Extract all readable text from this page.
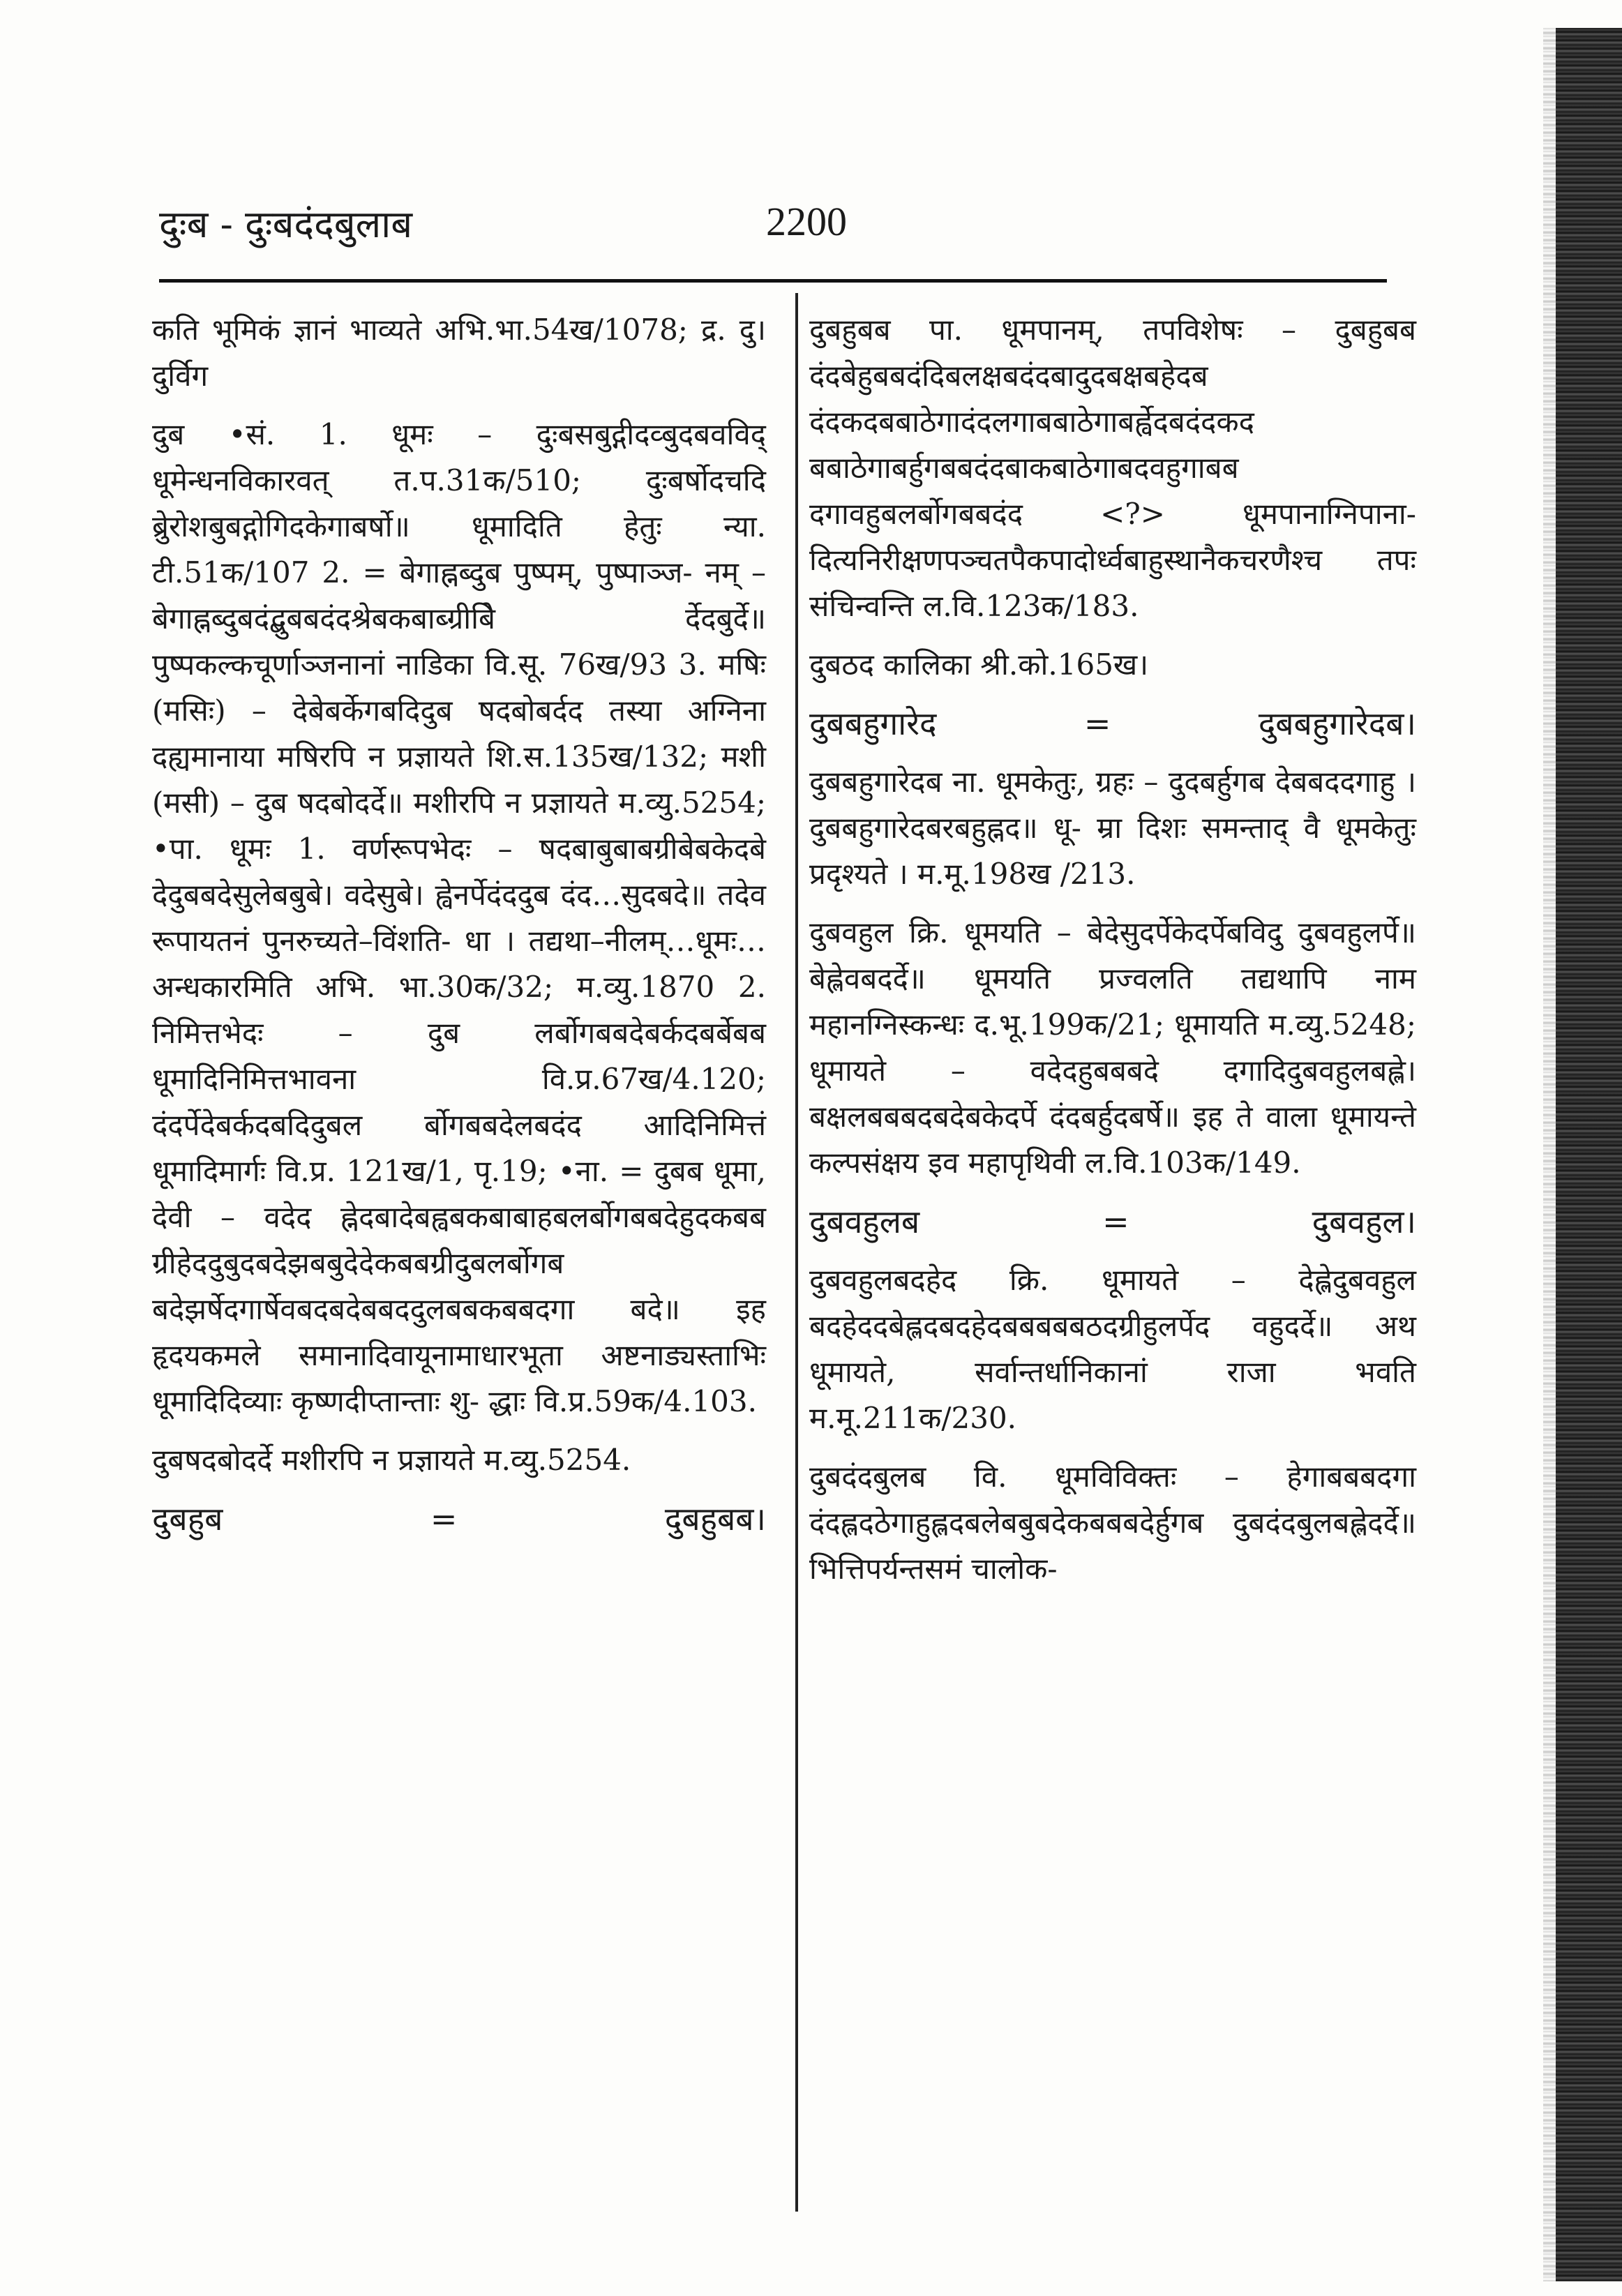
दुःब - दुःबदंदबुलाब	2200

कति भूमिकं ज्ञानं भाव्यते अभि.भा.54ख/1078; द्र. दु। दुर्विग

दुब •सं. 1. धूमः – दुःबसबुद्गीदव्बुदबवविद् धूमेन्धनविकारवत् त.प.31क/510; दुःबर्षोदचदि ब्रेुरोशबुबद्गोगिदकेगाबर्षो॥ धूमादिति हेतुः न्या. टी.51क/107 2. = बेगाह्नब्दुब पुष्पम्, पुष्पाञ्ज- नम् – बेगाह्नब्दुबदंद्बुबबदंदश्रेबकबाब्ग्रीबिे र्देदबुर्दे॥ पुष्पकल्कचूर्णाञ्जनानां नाडिका वि.सू. 76ख/93 3. मषिः (मसिः) – देबेबर्केगबदिदुब षदबोबर्दद तस्या अग्निना दह्यमानाया मषिरपि न प्रज्ञायते शि.स.135ख/132; मशी (मसी) – दुब षदबोदर्दे॥ मशीरपि न प्रज्ञायते म.व्यु.5254; •पा. धूमः 1. वर्णरूपभेदः – षदबाबुबाबग्रीबेबकेदबे देदुबबदेसुलेबबुबे। वदेसुबे। ह्वेनर्पेदंददुब दंद…सुदबदे॥ तदेव रूपायतनं पुनरुच्यते–विंशति- धा । तद्यथा–नीलम्…धूमः…अन्धकारमिति अभि. भा.30क/32; म.व्यु.1870 2. निमित्तभेदः – दुब लर्बोगबबदेबर्कदबर्बेबब धूमादिनिमित्तभावना वि.प्र.67ख/4.120; दंदर्पेदेबर्कदबदिदुबल र्बोगबबदेलबदंद आदिनिमित्तं धूमादिमार्गः वि.प्र. 121ख/1, पृ.19; •ना. = दुबब धूमा, देवी – वदेद ह्नेदबादेबह्वबकबाबाहबलर्बोगबबदेहुदकबब ग्रीहेददुबुदबदेझबबुदेदेकबबग्रीदुबलर्बोगब बदेझर्षेदगार्षेवबदबदेबबददुलबबकबबदगा बदे॥ इह हृदयकमले समानादिवायूनामाधारभूता अष्टनाड्यस्ताभिः धूमादिदिव्याः कृष्णदीप्तान्ताः शु- द्धाः वि.प्र.59क/4.103.

दुबषदबोदर्दे मशीरपि न प्रज्ञायते म.व्यु.5254.

दुबहुब	=	दुबहुबब।

दुबहुबब पा. धूमपानम्, तपविशेषः – दुबहुबब दंदबेहुबबदंदिबलक्षबदंदबादुदबक्षबहेदब दंदकदबबाठेगादंदलगाबबाठेगाबर्ह्वेदबदंदकद बबाठेगाबर्हुगबबदंदबाकबाठेगाबदवहुगाबब दगावहुबलर्बोगबबदंद <?> धूमपानाग्निपाना- दित्यनिरीक्षणपञ्चतपैकपादोर्ध्वबाहुस्थानैकचरणैश्च तपः संचिन्वन्ति ल.वि.123क/183.

दुबठद कालिका श्री.को.165ख।

दुबबहुगारेद	=	दुबबहुगारेदब।

दुबबहुगारेदब ना. धूमकेतुः, ग्रहः – दुदबर्हुगब देबबददगाहु ।दुबबहुगारेदबरबहुह्नद॥ धू- म्रा दिशः समन्ताद् वै धूमकेतुः प्रदृश्यते । म.मू.198ख /213.

दुबवहुल क्रि. धूमयति – बेदेसुदर्पेकेदर्पेबविदु दुबवहुलर्पे॥ बेह्लेवबदर्दे॥ धूमयति प्रज्वलति तद्यथापि नाम महानग्निस्कन्धः द.भू.199क/21; धूमायति म.व्यु.5248; धूमायते – वदेदहुबबबदे दगादिदुबवहुलबह्ले। बक्षलबबबदबदेबकेदर्पे दंदबर्हुदबर्षे॥ इह ते वाला धूमायन्ते कल्पसंक्षय इव महापृथिवी ल.वि.103क/149.

दुबवहुलब	=	दुबवहुल।

दुबवहुलबदहेद क्रि. धूमायते – देह्लेदुबवहुल बदहेददबेह्लदबदहेदबबबबबठदग्रीहुलर्पेद वहुदर्दे॥ अथ धूमायते, सर्वान्तर्धानिकानां राजा भवति म.मू.211क/230.

दुबदंदबुलब वि. धूमविविक्तः – हेगाबबबदगा दंदह्लदठेगाहुह्लदबलेबबुबदेकबबबदेर्हुगब दुबदंदबुलबह्लेदर्दे॥ भित्तिपर्यन्तसमं चालोक-
